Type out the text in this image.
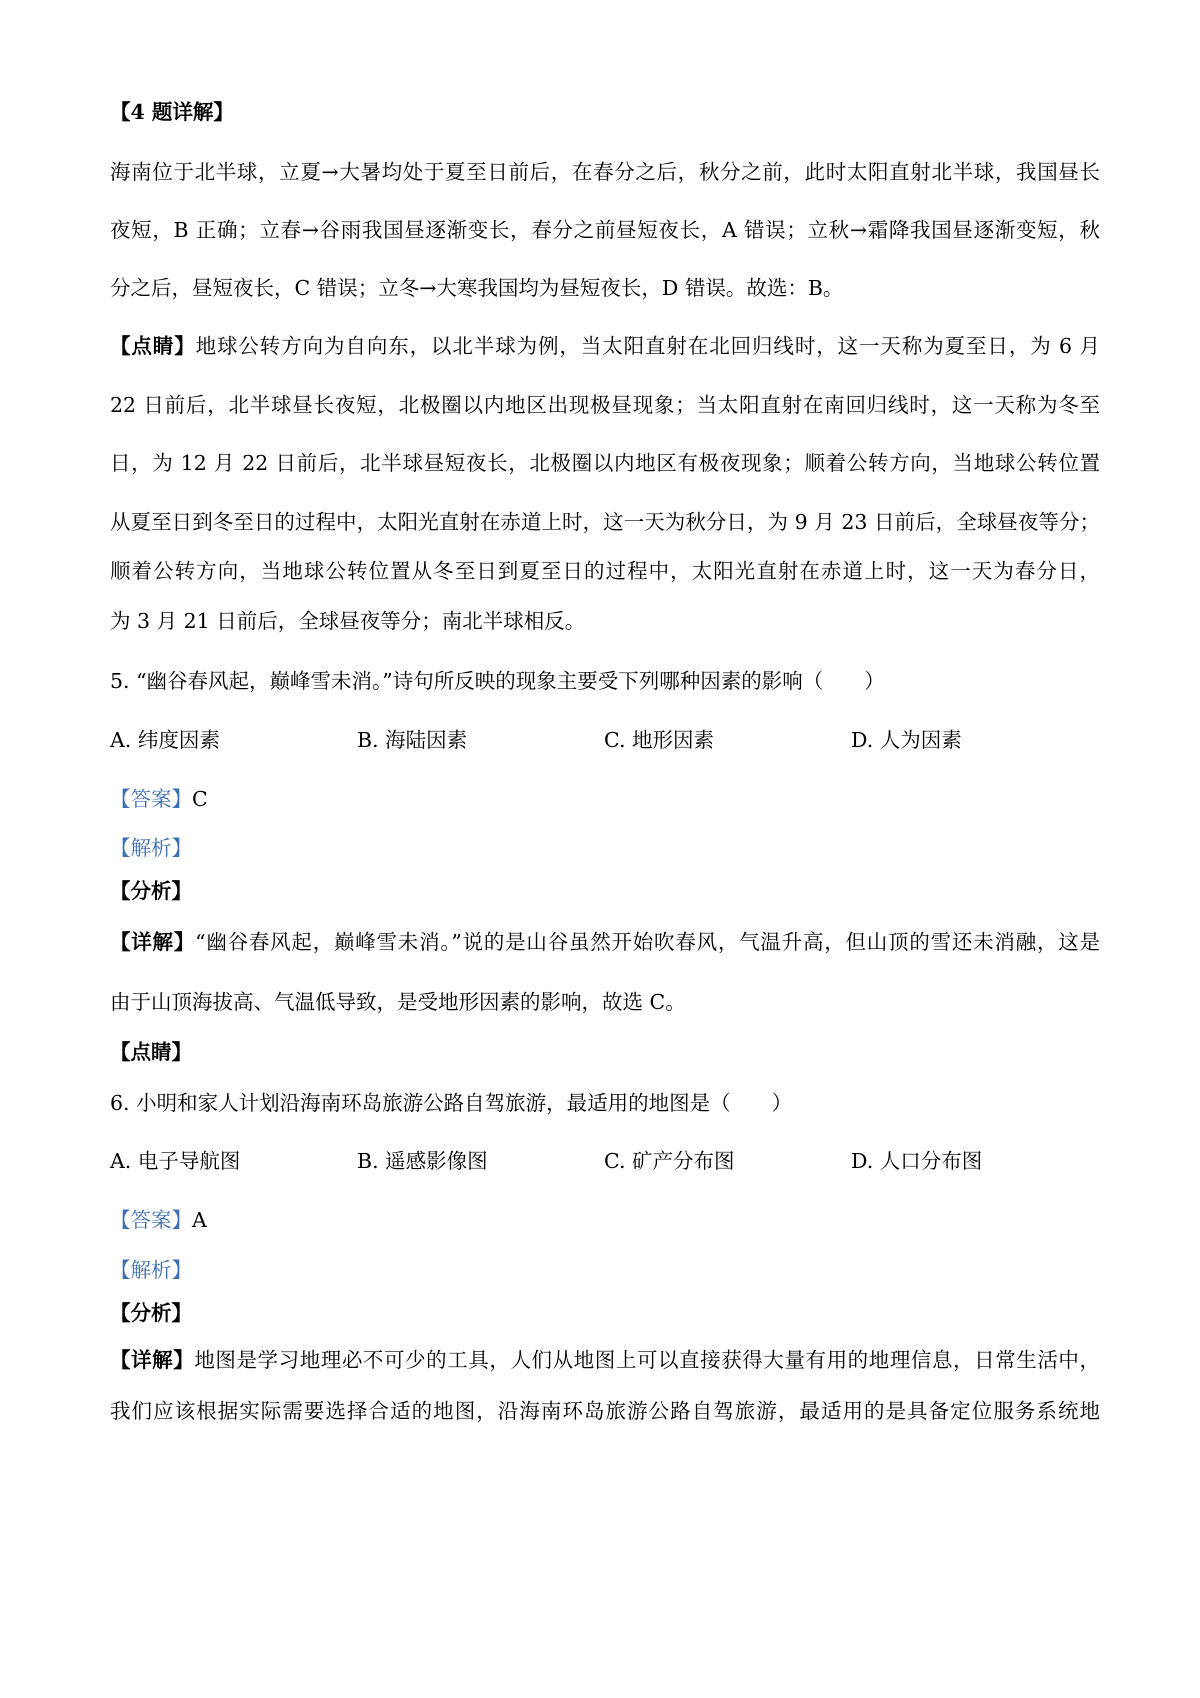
【4 题详解】
海南位于北半球，立夏→大暑均处于夏至日前后，在春分之后，秋分之前，此时太阳直射北半球，我国昼长
夜短，B 正确；立春→谷雨我国昼逐渐变长，春分之前昼短夜长，A 错误；立秋→霜降我国昼逐渐变短，秋
分之后，昼短夜长，C 错误；立冬→大寒我国均为昼短夜长，D 错误。故选：B。
【点睛】地球公转方向为自向东，以北半球为例，当太阳直射在北回归线时，这一天称为夏至日，为 6 月
22 日前后，北半球昼长夜短，北极圈以内地区出现极昼现象；当太阳直射在南回归线时，这一天称为冬至
日，为 12 月 22 日前后，北半球昼短夜长，北极圈以内地区有极夜现象；顺着公转方向，当地球公转位置
从夏至日到冬至日的过程中，太阳光直射在赤道上时，这一天为秋分日，为 9 月 23 日前后，全球昼夜等分；
顺着公转方向，当地球公转位置从冬至日到夏至日的过程中，太阳光直射在赤道上时，这一天为春分日，
为 3 月 21 日前后，全球昼夜等分；南北半球相反。
5. “幽谷春风起，巅峰雪未消。”诗句所反映的现象主要受下列哪种因素的影响（　　）
A. 纬度因素	B. 海陆因素	C. 地形因素	D. 人为因素
【答案】C
【解析】
【分析】
【详解】“幽谷春风起，巅峰雪未消。”说的是山谷虽然开始吹春风，气温升高，但山顶的雪还未消融，这是
由于山顶海拔高、气温低导致，是受地形因素的影响，故选 C。
【点睛】
6. 小明和家人计划沿海南环岛旅游公路自驾旅游，最适用的地图是（　　）
A. 电子导航图	B. 遥感影像图	C. 矿产分布图	D. 人口分布图
【答案】A
【解析】
【分析】
【详解】地图是学习地理必不可少的工具，人们从地图上可以直接获得大量有用的地理信息，日常生活中，
我们应该根据实际需要选择合适的地图，沿海南环岛旅游公路自驾旅游，最适用的是具备定位服务系统地
